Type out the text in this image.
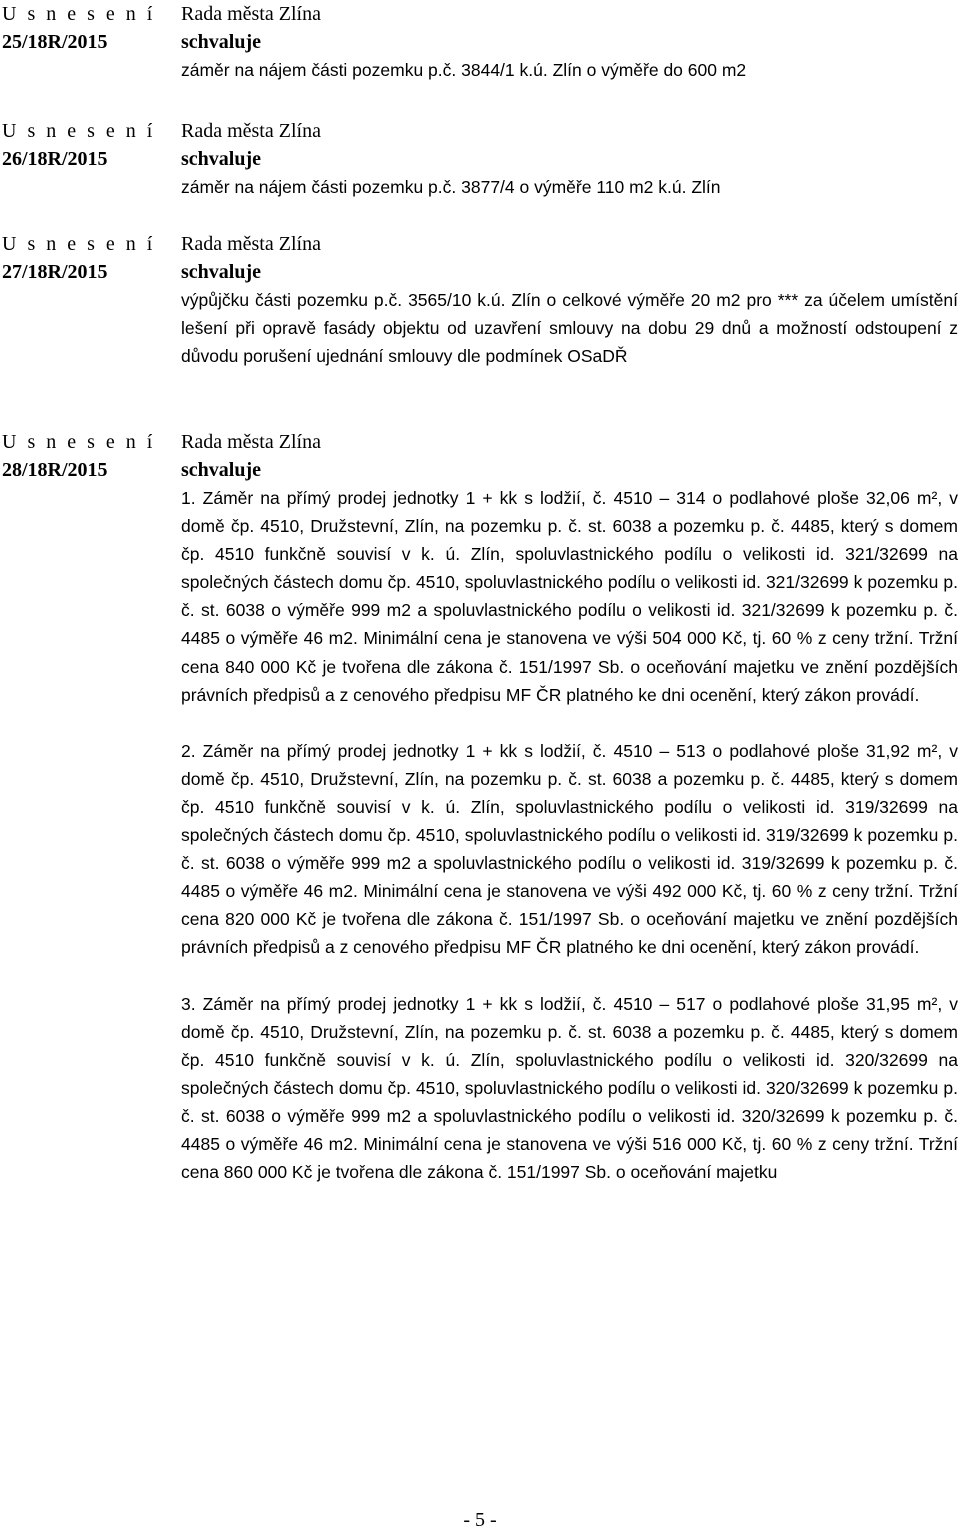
U s n e s e n í
25/18R/2015
Rada města Zlína
schvaluje

záměr na nájem části pozemku p.č. 3844/1 k.ú. Zlín o výměře do 600 m2

U s n e s e n í
26/18R/2015
Rada města Zlína
schvaluje

záměr na nájem části pozemku p.č. 3877/4 o výměře 110 m2 k.ú. Zlín

U s n e s e n í
27/18R/2015
Rada města Zlína
schvaluje

výpůjčku části pozemku p.č. 3565/10 k.ú. Zlín o celkové výměře 20 m2 pro *** za účelem umístění lešení při opravě fasády objektu od uzavření smlouvy na dobu 29 dnů a možností odstoupení z důvodu porušení ujednání smlouvy dle podmínek OSaDŘ

U s n e s e n í
28/18R/2015
Rada města Zlína
schvaluje

1. Záměr na přímý prodej jednotky 1 + kk s lodžií, č. 4510 – 314 o podlahové ploše 32,06 m², v domě čp. 4510, Družstevní, Zlín, na pozemku p. č. st. 6038 a pozemku p. č. 4485, který s domem čp. 4510 funkčně souvisí v k. ú. Zlín, spoluvlastnického podílu o velikosti id. 321/32699 na společných částech domu čp. 4510, spoluvlastnického podílu o velikosti id. 321/32699 k pozemku p. č. st. 6038 o výměře 999 m2 a spoluvlastnického podílu o velikosti id. 321/32699 k pozemku p. č. 4485 o výměře 46 m2. Minimální cena je stanovena ve výši 504 000 Kč, tj. 60 % z ceny tržní. Tržní cena 840 000 Kč je tvořena dle zákona č. 151/1997 Sb. o oceňování majetku ve znění pozdějších právních předpisů a z cenového předpisu MF ČR platného ke dni ocenění, který zákon provádí.

2. Záměr na přímý prodej jednotky 1 + kk s lodžií, č. 4510 – 513 o podlahové ploše 31,92 m², v domě čp. 4510, Družstevní, Zlín, na pozemku p. č. st. 6038 a pozemku p. č. 4485, který s domem čp. 4510 funkčně souvisí v k. ú. Zlín, spoluvlastnického podílu o velikosti id. 319/32699 na společných částech domu čp. 4510, spoluvlastnického podílu o velikosti id. 319/32699 k pozemku p. č. st. 6038 o výměře 999 m2 a spoluvlastnického podílu o velikosti id. 319/32699 k pozemku p. č. 4485 o výměře 46 m2. Minimální cena je stanovena ve výši 492 000 Kč, tj. 60 % z ceny tržní. Tržní cena 820 000 Kč je tvořena dle zákona č. 151/1997 Sb. o oceňování majetku ve znění pozdějších právních předpisů a z cenového předpisu MF ČR platného ke dni ocenění, který zákon provádí.

3. Záměr na přímý prodej jednotky 1 + kk s lodžií, č. 4510 – 517 o podlahové ploše 31,95 m², v domě čp. 4510, Družstevní, Zlín, na pozemku p. č. st. 6038 a pozemku p. č. 4485, který s domem čp. 4510 funkčně souvisí v k. ú. Zlín, spoluvlastnického podílu o velikosti id. 320/32699 na společných částech domu čp. 4510, spoluvlastnického podílu o velikosti id. 320/32699 k pozemku p. č. st. 6038 o výměře 999 m2 a spoluvlastnického podílu o velikosti id. 320/32699 k pozemku p. č. 4485 o výměře 46 m2. Minimální cena je stanovena ve výši 516 000 Kč, tj. 60 % z ceny tržní. Tržní cena 860 000 Kč je tvořena dle zákona č. 151/1997 Sb. o oceňování majetku

- 5 -
